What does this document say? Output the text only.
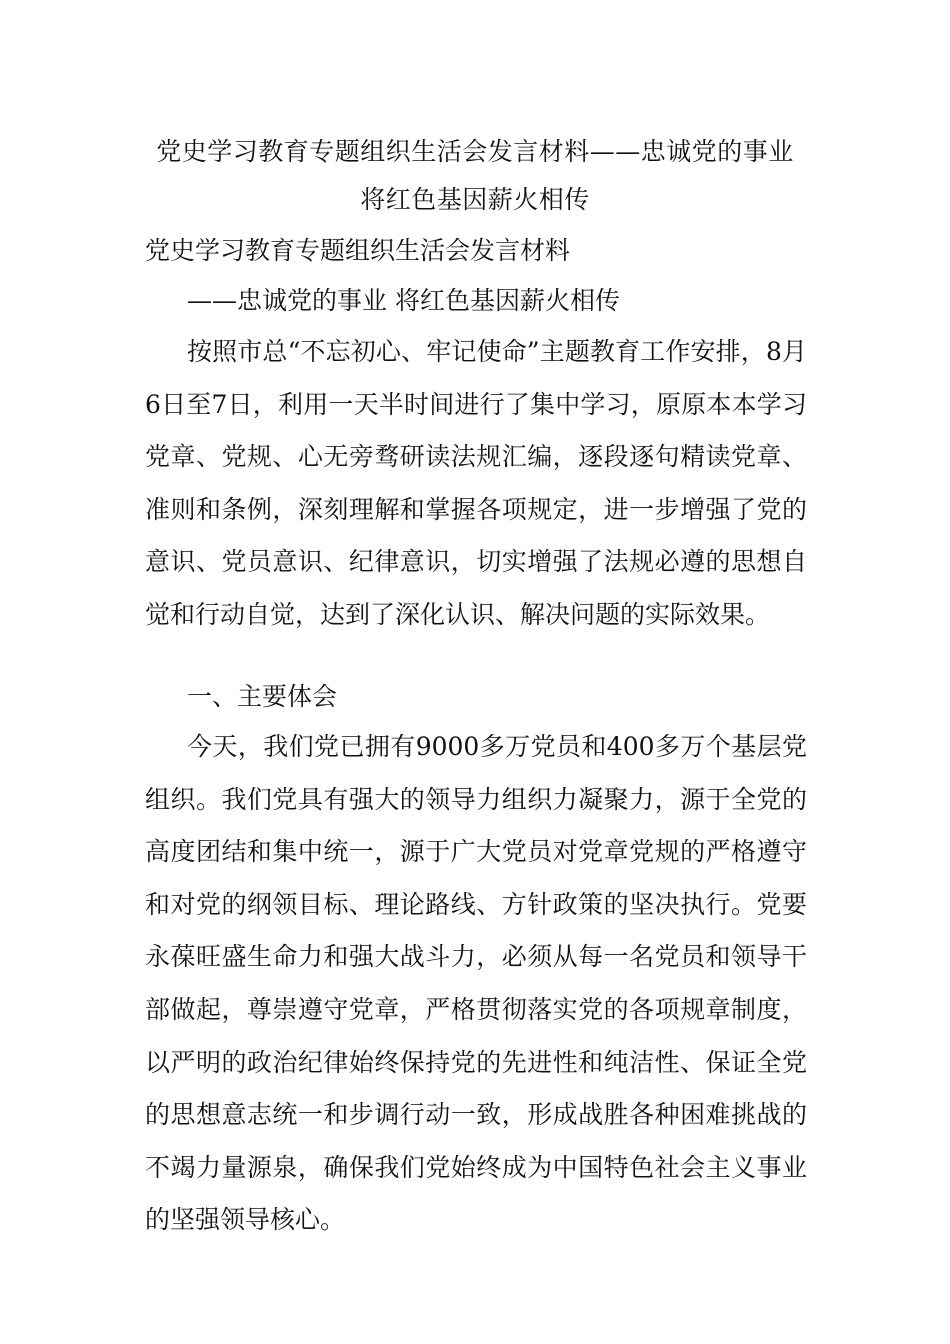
党史学习教育专题组织生活会发言材料——忠诚党的事业
将红色基因薪火相传
党史学习教育专题组织生活会发言材料
——忠诚党的事业 将红色基因薪火相传

按照市总“不忘初心、牢记使命”主题教育工作安排，8月6日至7日，利用一天半时间进行了集中学习，原原本本学习党章、党规、心无旁骛研读法规汇编，逐段逐句精读党章、准则和条例，深刻理解和掌握各项规定，进一步增强了党的意识、党员意识、纪律意识，切实增强了法规必遵的思想自觉和行动自觉，达到了深化认识、解决问题的实际效果。

一、主要体会

今天，我们党已拥有9000多万党员和400多万个基层党组织。我们党具有强大的领导力组织力凝聚力，源于全党的高度团结和集中统一，源于广大党员对党章党规的严格遵守和对党的纲领目标、理论路线、方针政策的坚决执行。党要永葆旺盛生命力和强大战斗力，必须从每一名党员和领导干部做起，尊崇遵守党章，严格贯彻落实党的各项规章制度，以严明的政治纪律始终保持党的先进性和纯洁性、保证全党的思想意志统一和步调行动一致，形成战胜各种困难挑战的不竭力量源泉，确保我们党始终成为中国特色社会主义事业的坚强领导核心。
